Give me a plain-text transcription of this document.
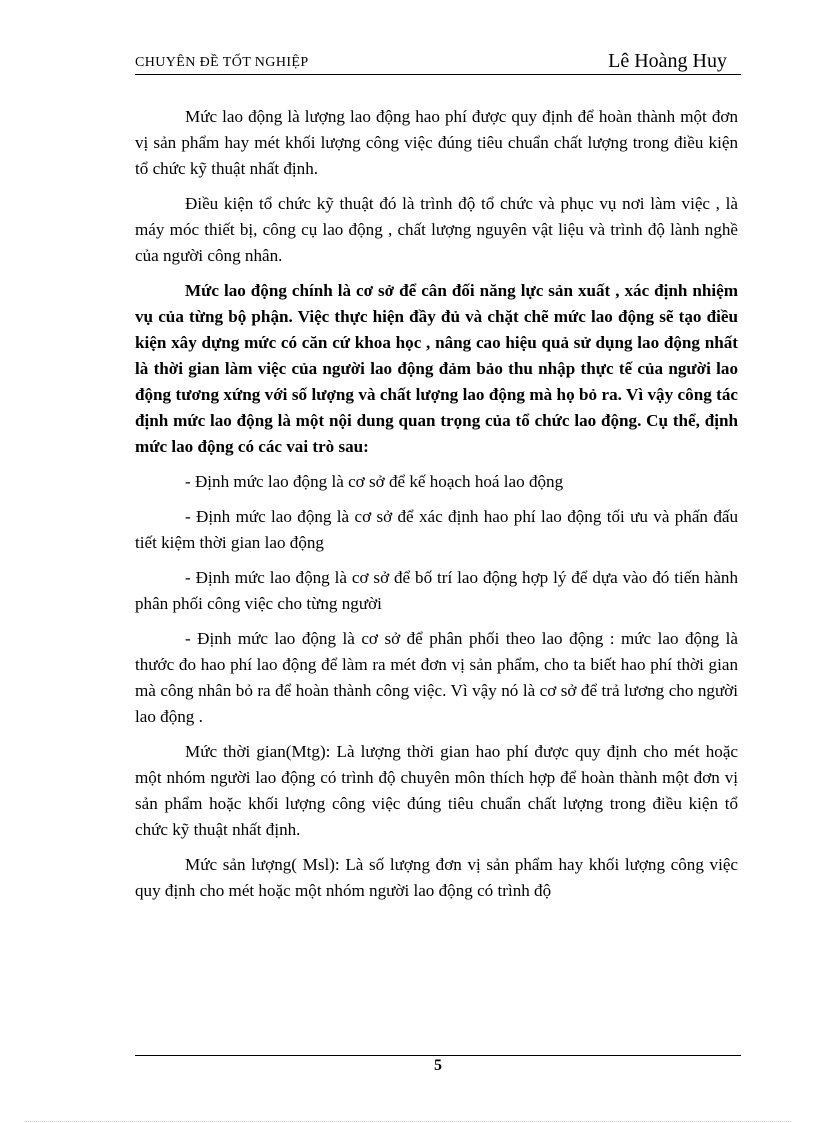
CHUYÊN ĐỀ TỐT NGHIỆP	Lê Hoàng Huy

Mức lao động là lượng lao động hao phí được quy định để hoàn thành một đơn vị sản phẩm hay mét khối lượng công việc đúng tiêu chuẩn chất lượng trong điều kiện tổ chức kỹ thuật nhất định.

Điều kiện tổ chức kỹ thuật đó là trình độ tổ chức và phục vụ nơi làm việc , là máy móc thiết bị, công cụ lao động , chất lượng nguyên vật liệu và trình độ lành nghề của người công nhân.

Mức lao động chính là cơ sở để cân đối năng lực sản xuất , xác định nhiệm vụ của từng bộ phận. Việc thực hiện đầy đủ và chặt chẽ mức lao động sẽ tạo điều kiện xây dựng mức có căn cứ khoa học , nâng cao hiệu quả sử dụng lao động nhất là thời gian làm việc của người lao động đảm bảo thu nhập thực tế của người lao động tương xứng với số lượng và chất lượng lao động mà họ bỏ ra. Vì vậy công tác định mức lao động là một nội dung quan trọng của tổ chức lao động. Cụ thể, định mức lao động có các vai trò sau:

- Định mức lao động là cơ sở để kế hoạch hoá lao động

- Định mức lao động là cơ sở để xác định hao phí lao động tối ưu và phấn đấu tiết kiệm thời gian lao động

- Định mức lao động là cơ sở để bố trí lao động hợp lý để dựa vào đó tiến hành phân phối công việc cho từng người

- Định mức lao động là cơ sở để phân phối theo lao động : mức lao động là thước đo hao phí lao động để làm ra mét đơn vị sản phẩm, cho ta biết hao phí thời gian mà công nhân bỏ ra để hoàn thành công việc. Vì vậy nó là cơ sở để trả lương cho người lao động .

Mức thời gian(Mtg): Là lượng thời gian hao phí được quy định cho mét hoặc một nhóm người lao động có trình độ chuyên môn thích hợp để hoàn thành một đơn vị sản phẩm hoặc khối lượng công việc đúng tiêu chuẩn chất lượng trong điều kiện tổ chức kỹ thuật nhất định.

Mức sản lượng( Msl): Là số lượng đơn vị sản phẩm hay khối lượng công việc quy định cho mét hoặc một nhóm người lao động có trình độ

5
